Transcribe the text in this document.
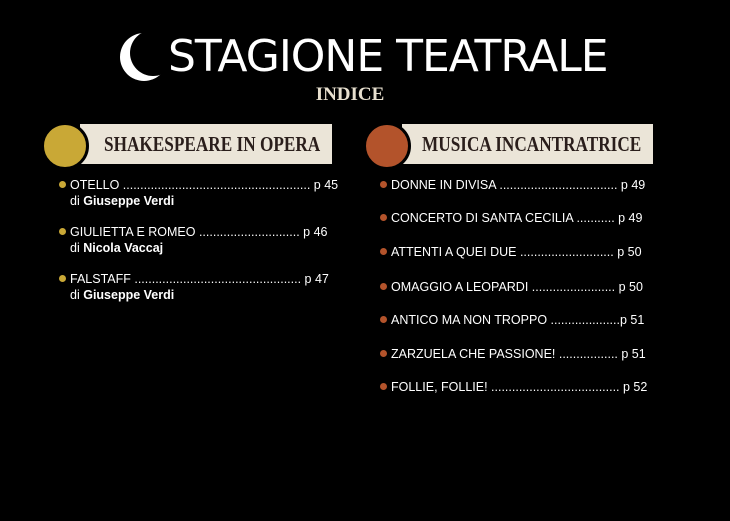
STAGIONE TEATRALE
INDICE
SHAKESPEARE IN OPERA
OTELLO ...................................................... p 45
di Giuseppe Verdi
GIULIETTA E ROMEO ............................. p 46
di Nicola Vaccaj
FALSTAFF ................................................ p 47
di Giuseppe Verdi
MUSICA INCANTRATRICE
DONNE IN DIVISA .................................. p 49
CONCERTO DI SANTA CECILIA ........... p 49
ATTENTI A QUEI DUE ........................... p 50
OMAGGIO A LEOPARDI ........................ p 50
ANTICO MA NON TROPPO ....................p 51
ZARZUELA CHE PASSIONE! ................. p 51
FOLLIE, FOLLIE! ..................................... p 52
